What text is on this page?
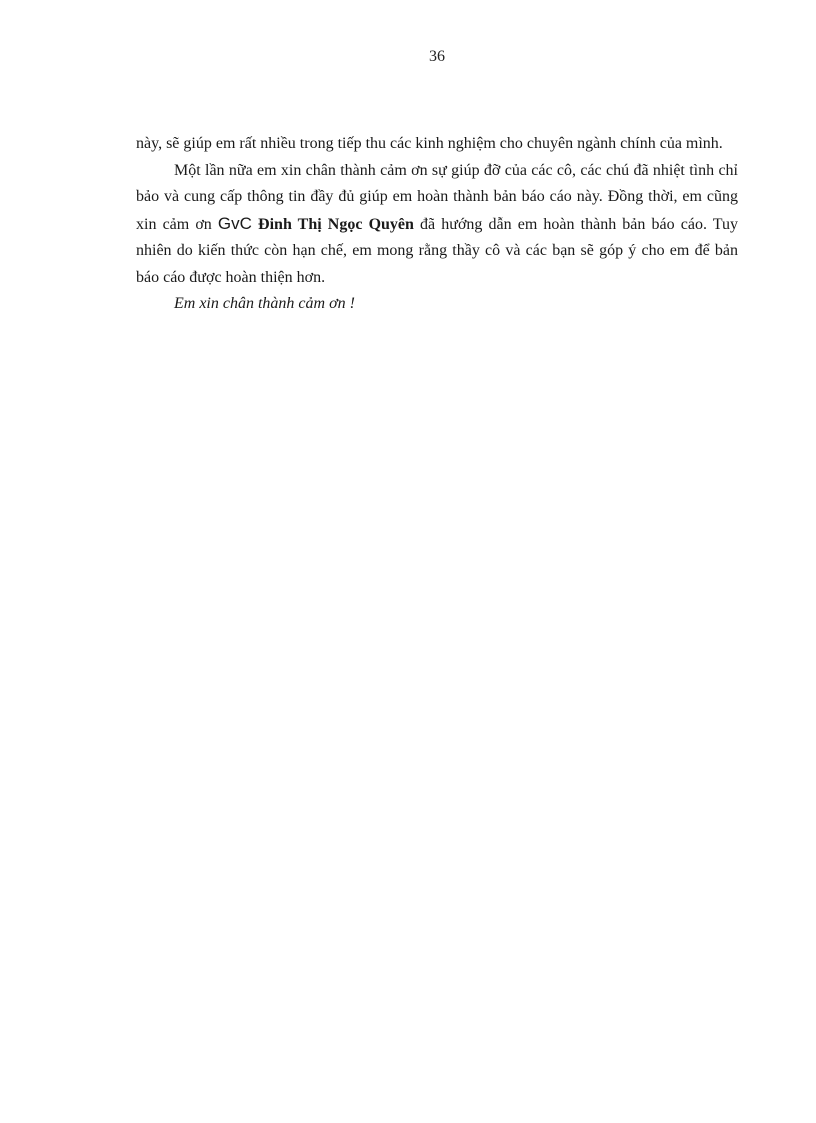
36

này, sẽ giúp em rất nhiều trong tiếp thu các kinh nghiệm cho chuyên ngành chính của mình.

Một lần nữa em xin chân thành cảm ơn sự giúp đỡ của các cô, các chú đã nhiệt tình chỉ bảo và cung cấp thông tin đầy đủ giúp em hoàn thành bản báo cáo này. Đồng thời, em cũng xin cảm ơn GvC Đinh Thị Ngọc Quyên đã hướng dẫn em hoàn thành bản báo cáo. Tuy nhiên do kiến thức còn hạn chế, em mong rằng thầy cô và các bạn sẽ góp ý cho em để bản báo cáo được hoàn thiện hơn.

Em xin chân thành cảm ơn !
